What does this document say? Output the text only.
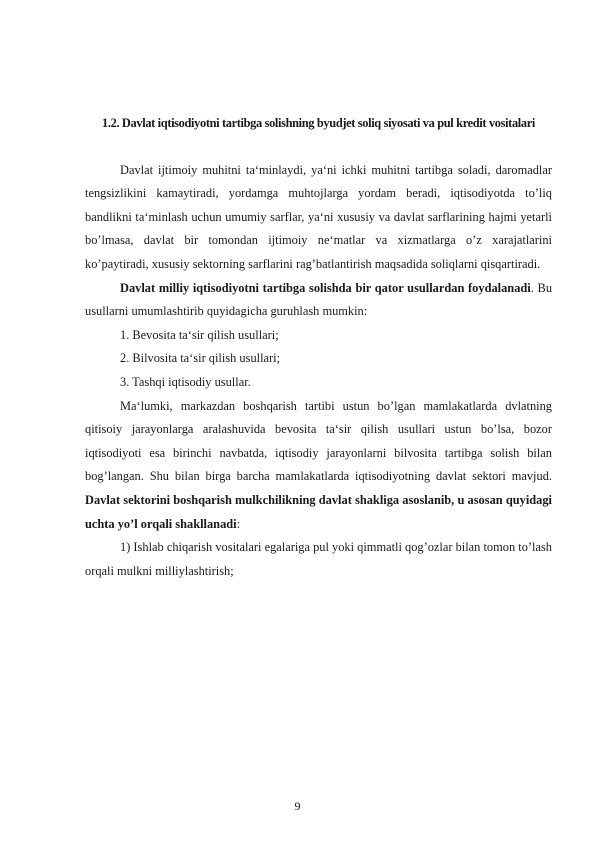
1.2. Davlat iqtisodiyotni tartibga solishning byudjet soliq siyosati va pul kredit vositalari

Davlat ijtimoiy muhitni ta‘minlaydi, ya‘ni ichki muhitni tartibga soladi, daromadlar tengsizlikini kamaytiradi, yordamga muhtojlarga yordam beradi, iqtisodiyotda to’liq bandlikni ta‘minlash uchun umumiy sarflar, ya‘ni xususiy va davlat sarflarining hajmi yetarli bo’lmasa, davlat bir tomondan ijtimoiy ne‘matlar va xizmatlarga o’z xarajatlarini ko’paytiradi, xususiy sektorning sarflarini rag’batlantirish maqsadida soliqlarni qisqartiradi.

Davlat milliy iqtisodiyotni tartibga solishda bir qator usullardan foydalanadi. Bu usullarni umumlashtirib quyidagicha guruhlash mumkin:

1. Bevosita ta‘sir qilish usullari;

2. Bilvosita ta‘sir qilish usullari;

3. Tashqi iqtisodiy usullar.

Ma‘lumki, markazdan boshqarish tartibi ustun bo’lgan mamlakatlarda dvlatning qitisoiy jarayonlarga aralashuvida bevosita ta‘sir qilish usullari ustun bo’lsa, bozor iqtisodiyoti esa birinchi navbatda, iqtisodiy jarayonlarni bilvosita tartibga solish bilan bog’langan. Shu bilan birga barcha mamlakatlarda iqtisodiyotning davlat sektori mavjud. Davlat sektorini boshqarish mulkchilikning davlat shakliga asoslanib, u asosan quyidagi uchta yo’l orqali shakllanadi:

1) Ishlab chiqarish vositalari egalariga pul yoki qimmatli qog’ozlar bilan tomon to’lash orqali mulkni milliylashtirish;

9
